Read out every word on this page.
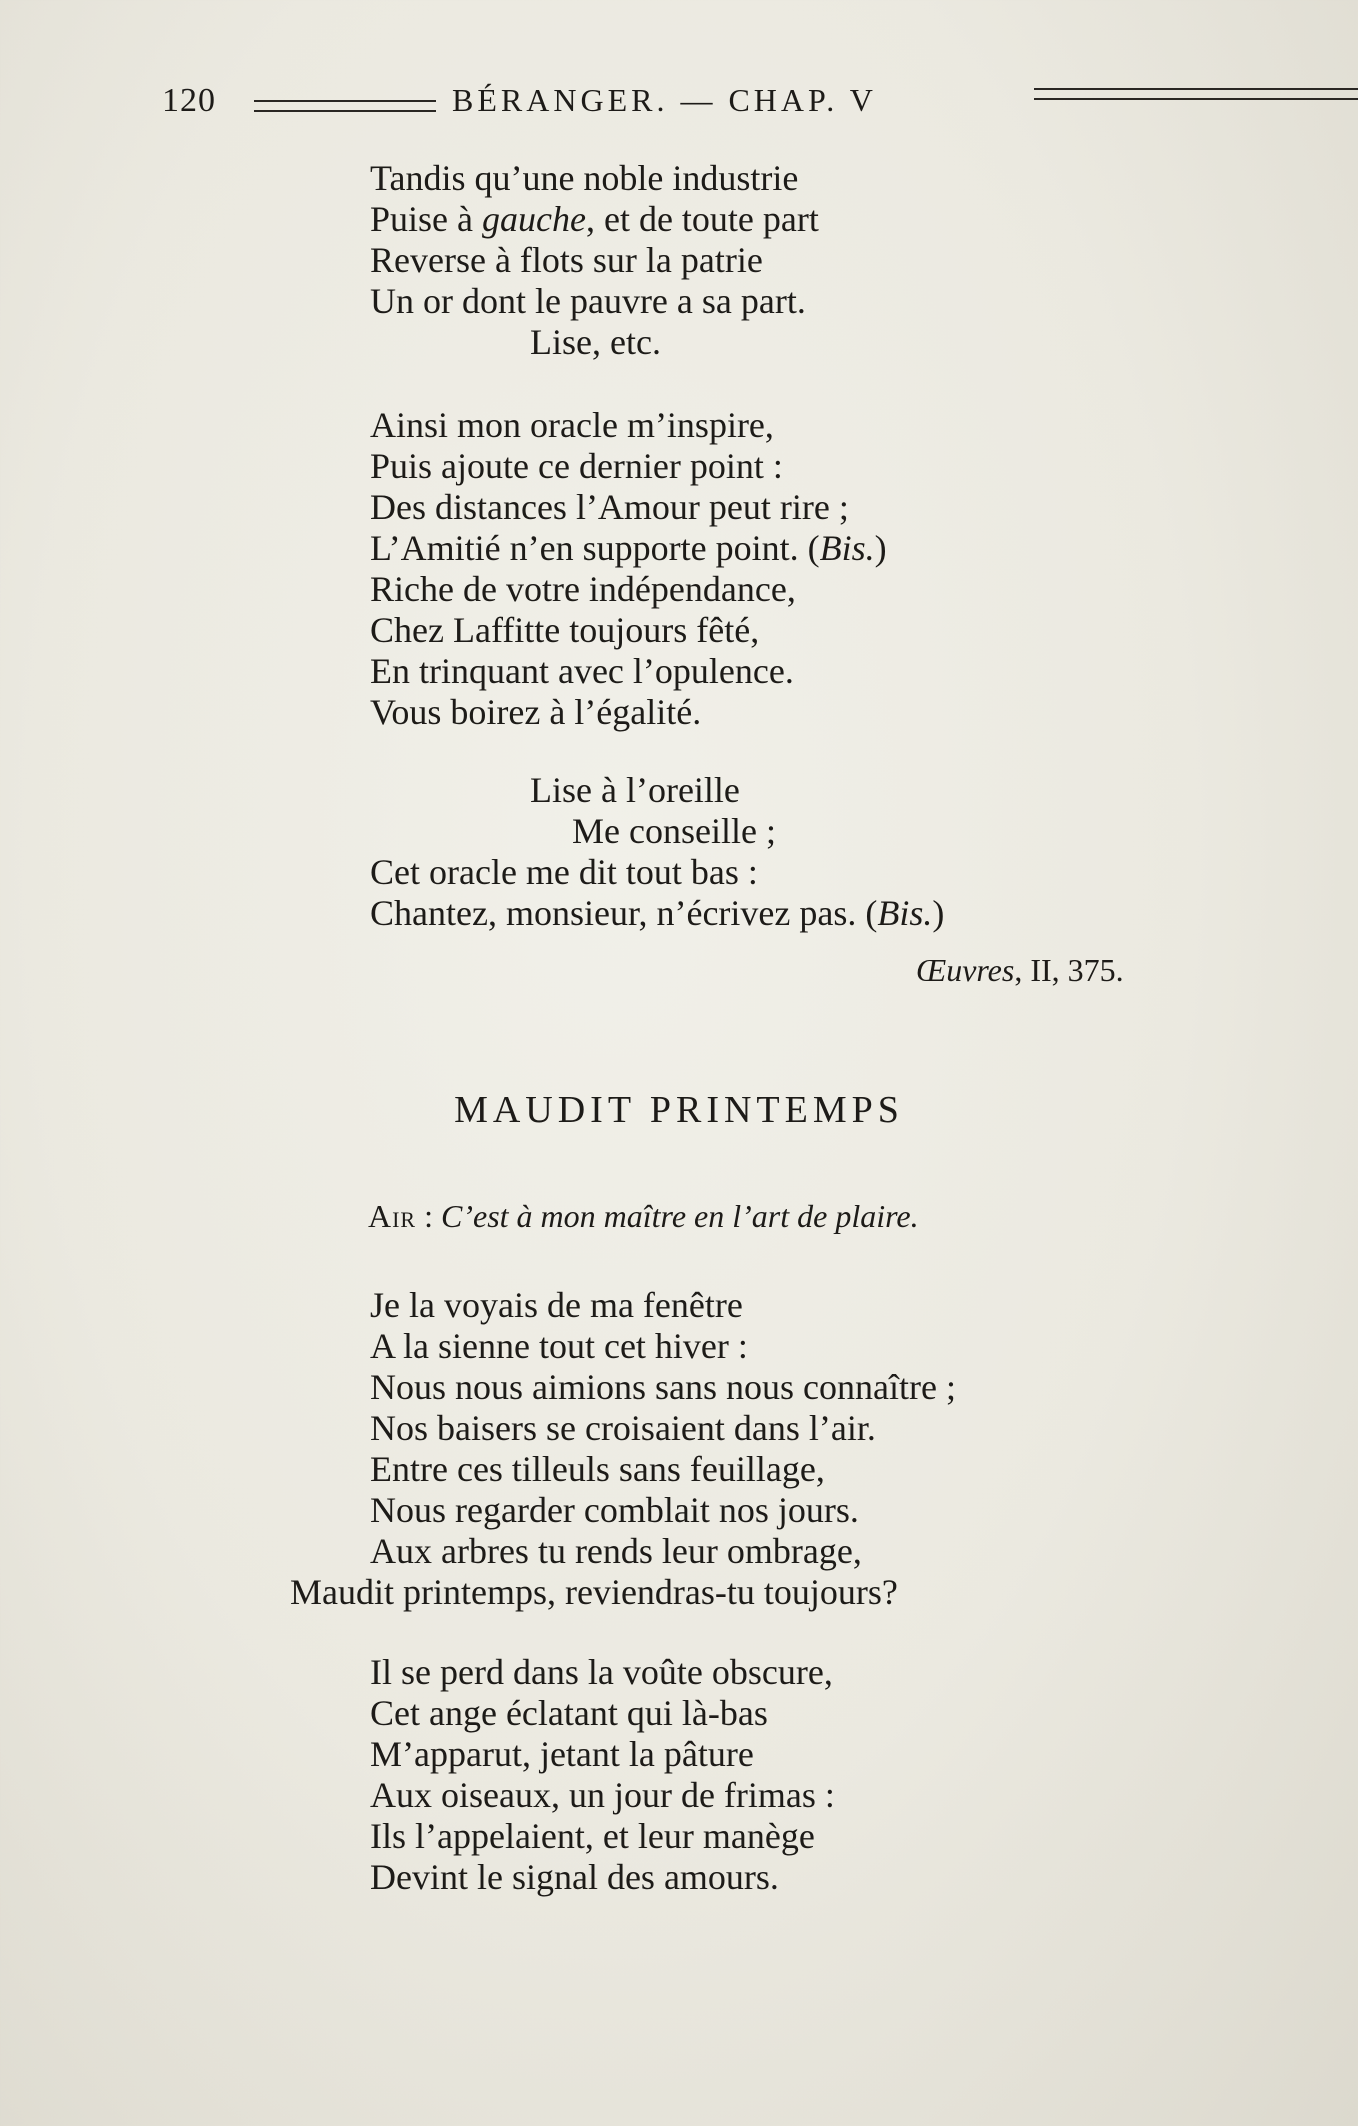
120	BÉRANGER. — CHAP. V
Tandis qu’une noble industrie
Puise à gauche, et de toute part
Reverse à flots sur la patrie
Un or dont le pauvre a sa part.
Lise, etc.
Ainsi mon oracle m’inspire,
Puis ajoute ce dernier point :
Des distances l’Amour peut rire ;
L’Amitié n’en supporte point. (Bis.)
Riche de votre indépendance,
Chez Laffitte toujours fêté,
En trinquant avec l’opulence.
Vous boirez à l’égalité.
Lise à l’oreille
Me conseille ;
Cet oracle me dit tout bas :
Chantez, monsieur, n’écrivez pas. (Bis.)
Œuvres, II, 375.
MAUDIT PRINTEMPS
Air : C’est à mon maître en l’art de plaire.
Je la voyais de ma fenêtre
A la sienne tout cet hiver :
Nous nous aimions sans nous connaître ;
Nos baisers se croisaient dans l’air.
Entre ces tilleuls sans feuillage,
Nous regarder comblait nos jours.
Aux arbres tu rends leur ombrage,
Maudit printemps, reviendras-tu toujours?
Il se perd dans la voûte obscure,
Cet ange éclatant qui là-bas
M’apparut, jetant la pâture
Aux oiseaux, un jour de frimas :
Ils l’appelaient, et leur manège
Devint le signal des amours.
